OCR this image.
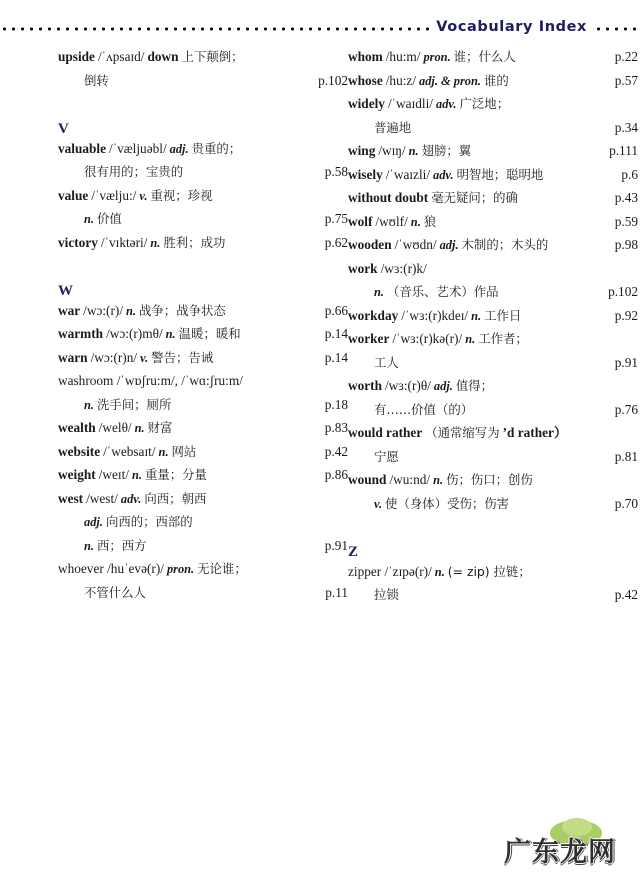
Vocabulary Index
upside /ˈʌpsaɪd/ down 上下颠倒；
倒转	p.102
V
valuable /ˈvæljuəbl/ adj. 贵重的；
很有用的；宝贵的	p.58
value /ˈvælju:/ v. 重视；珍视
n. 价值	p.75
victory /ˈvɪktəri/ n. 胜利；成功	p.62
W
war /wɔ:(r)/ n. 战争；战争状态	p.66
warmth /wɔ:(r)mθ/ n. 温暖；暖和	p.14
warn /wɔ:(r)n/ v. 警告；告诫	p.14
washroom /ˈwɒʃru:m/, /ˈwɑ:ʃru:m/
n. 洗手间；厕所	p.18
wealth /welθ/ n. 财富	p.83
website /ˈwebsaɪt/ n. 网站	p.42
weight /weɪt/ n. 重量；分量	p.86
west /west/ adv. 向西；朝西
adj. 向西的；西部的
n. 西；西方	p.91
whoever /huˈevə(r)/ pron. 无论谁；
不管什么人	p.11
whom /hu:m/ pron. 谁；什么人	p.22
whose /hu:z/ adj. & pron. 谁的	p.57
widely /ˈwaɪdli/ adv. 广泛地；
普遍地	p.34
wing /wɪŋ/ n. 翅膀；翼	p.111
wisely /ˈwaɪzli/ adv. 明智地；聪明地	p.6
without doubt 毫无疑问；的确	p.43
wolf /wʊlf/ n. 狼	p.59
wooden /ˈwʊdn/ adj. 木制的；木头的	p.98
work /wɜ:(r)k/
n. （音乐、艺术）作品	p.102
workday /ˈwɜ:(r)kdeɪ/ n. 工作日	p.92
worker /ˈwɜ:(r)kə(r)/ n. 工作者；
工人	p.91
worth /wɜ:(r)θ/ adj. 值得；
有……价值（的）	p.76
would rather （通常缩写为 ’d rather）
宁愿	p.81
wound /wu:nd/ n. 伤；伤口；创伤
v. 使（身体）受伤；伤害	p.70
Z
zipper /ˈzɪpə(r)/ n. (= zip) 拉链；
拉锁	p.42
广东龙网
